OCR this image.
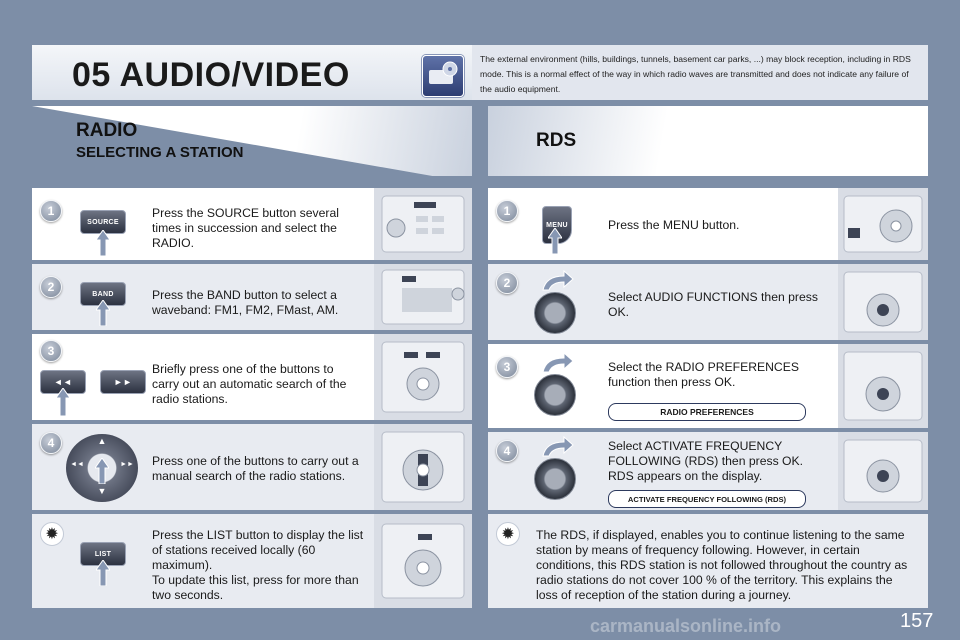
05 AUDIO/VIDEO	The external environment (hills, buildings, tunnels, basement car parks, ...) may block reception, including in RDS mode. This is a normal effect of the way in which radio waves are transmitted and does not indicate any failure of the audio equipment.
RADIO
SELECTING A STATION
RDS
1
SOURCE
Press the SOURCE button several times in succession and select the RADIO.
2	BAND	Press the BAND button to select a waveband: FM1, FM2, FMast, AM.
3
◄◄	►►
Briefly press one of the buttons to carry out an automatic search of the radio stations.
4	▲
◄◄	►►
▼
Press one of the buttons to carry out a manual search of the radio stations.
✹
LIST
Press the LIST button to display the list of stations received locally (60 maximum).
To update this list, press for more than two seconds.
1
MENU	Press the MENU button.
2
Select AUDIO FUNCTIONS then press OK.
3	Select the RADIO PREFERENCES function then press OK.
RADIO PREFERENCES
4	Select ACTIVATE FREQUENCY FOLLOWING (RDS) then press OK.
RDS appears on the display.
ACTIVATE FREQUENCY FOLLOWING (RDS)
✹	The RDS, if displayed, enables you to continue listening to the same station by means of frequency following. However, in certain conditions, this RDS station is not followed throughout the country as radio stations do not cover 100 % of the territory. This explains the loss of reception of the station during a journey.
carmanualsonline.info	157
